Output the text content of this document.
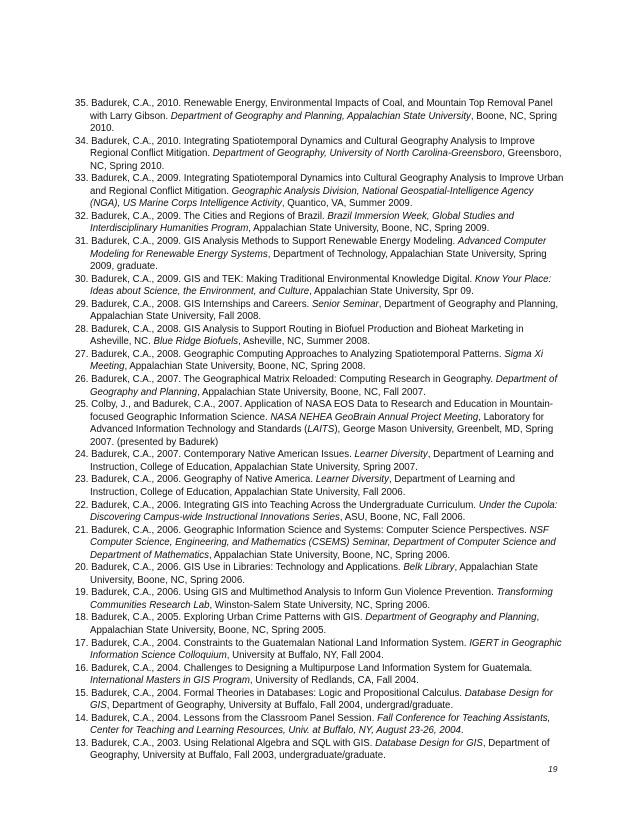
35. Badurek, C.A., 2010. Renewable Energy, Environmental Impacts of Coal, and Mountain Top Removal Panel with Larry Gibson. Department of Geography and Planning, Appalachian State University, Boone, NC, Spring 2010.

34. Badurek, C.A., 2010. Integrating Spatiotemporal Dynamics and Cultural Geography Analysis to Improve Regional Conflict Mitigation. Department of Geography, University of North Carolina-Greensboro, Greensboro, NC, Spring 2010.

33. Badurek, C.A., 2009. Integrating Spatiotemporal Dynamics into Cultural Geography Analysis to Improve Urban and Regional Conflict Mitigation. Geographic Analysis Division, National Geospatial-Intelligence Agency (NGA), US Marine Corps Intelligence Activity, Quantico, VA, Summer 2009.

32. Badurek, C.A., 2009. The Cities and Regions of Brazil. Brazil Immersion Week, Global Studies and Interdisciplinary Humanities Program, Appalachian State University, Boone, NC, Spring 2009.

31. Badurek, C.A., 2009. GIS Analysis Methods to Support Renewable Energy Modeling. Advanced Computer Modeling for Renewable Energy Systems, Department of Technology, Appalachian State University, Spring 2009, graduate.

30. Badurek, C.A., 2009. GIS and TEK: Making Traditional Environmental Knowledge Digital. Know Your Place: Ideas about Science, the Environment, and Culture, Appalachian State University, Spr 09.

29. Badurek, C.A., 2008. GIS Internships and Careers. Senior Seminar, Department of Geography and Planning, Appalachian State University, Fall 2008.

28. Badurek, C.A., 2008. GIS Analysis to Support Routing in Biofuel Production and Bioheat Marketing in Asheville, NC. Blue Ridge Biofuels, Asheville, NC, Summer 2008.

27. Badurek, C.A., 2008. Geographic Computing Approaches to Analyzing Spatiotemporal Patterns. Sigma Xi Meeting, Appalachian State University, Boone, NC, Spring 2008.

26. Badurek, C.A., 2007. The Geographical Matrix Reloaded: Computing Research in Geography. Department of Geography and Planning, Appalachian State University, Boone, NC, Fall 2007.

25. Colby, J., and Badurek, C.A., 2007. Application of NASA EOS Data to Research and Education in Mountain-focused Geographic Information Science. NASA NEHEA GeoBrain Annual Project Meeting, Laboratory for Advanced Information Technology and Standards (LAITS), George Mason University, Greenbelt, MD, Spring 2007. (presented by Badurek)

24. Badurek, C.A., 2007. Contemporary Native American Issues. Learner Diversity, Department of Learning and Instruction, College of Education, Appalachian State University, Spring 2007.

23. Badurek, C.A., 2006. Geography of Native America. Learner Diversity, Department of Learning and Instruction, College of Education, Appalachian State University, Fall 2006.

22. Badurek, C.A., 2006. Integrating GIS into Teaching Across the Undergraduate Curriculum. Under the Cupola: Discovering Campus-wide Instructional Innovations Series, ASU, Boone, NC, Fall 2006.

21. Badurek, C.A., 2006. Geographic Information Science and Systems: Computer Science Perspectives. NSF Computer Science, Engineering, and Mathematics (CSEMS) Seminar, Department of Computer Science and Department of Mathematics, Appalachian State University, Boone, NC, Spring 2006.

20. Badurek, C.A., 2006. GIS Use in Libraries: Technology and Applications. Belk Library, Appalachian State University, Boone, NC, Spring 2006.

19. Badurek, C.A., 2006. Using GIS and Multimethod Analysis to Inform Gun Violence Prevention. Transforming Communities Research Lab, Winston-Salem State University, NC, Spring 2006.

18. Badurek, C.A., 2005. Exploring Urban Crime Patterns with GIS. Department of Geography and Planning, Appalachian State University, Boone, NC, Spring 2005.

17. Badurek, C.A., 2004. Constraints to the Guatemalan National Land Information System. IGERT in Geographic Information Science Colloquium, University at Buffalo, NY, Fall 2004.

16. Badurek, C.A., 2004. Challenges to Designing a Multipurpose Land Information System for Guatemala. International Masters in GIS Program, University of Redlands, CA, Fall 2004.

15. Badurek, C.A., 2004. Formal Theories in Databases: Logic and Propositional Calculus. Database Design for GIS, Department of Geography, University at Buffalo, Fall 2004, undergrad/graduate.

14. Badurek, C.A., 2004. Lessons from the Classroom Panel Session. Fall Conference for Teaching Assistants, Center for Teaching and Learning Resources, Univ. at Buffalo, NY, August 23-26, 2004.

13. Badurek, C.A., 2003. Using Relational Algebra and SQL with GIS. Database Design for GIS, Department of Geography, University at Buffalo, Fall 2003, undergraduate/graduate.

19
